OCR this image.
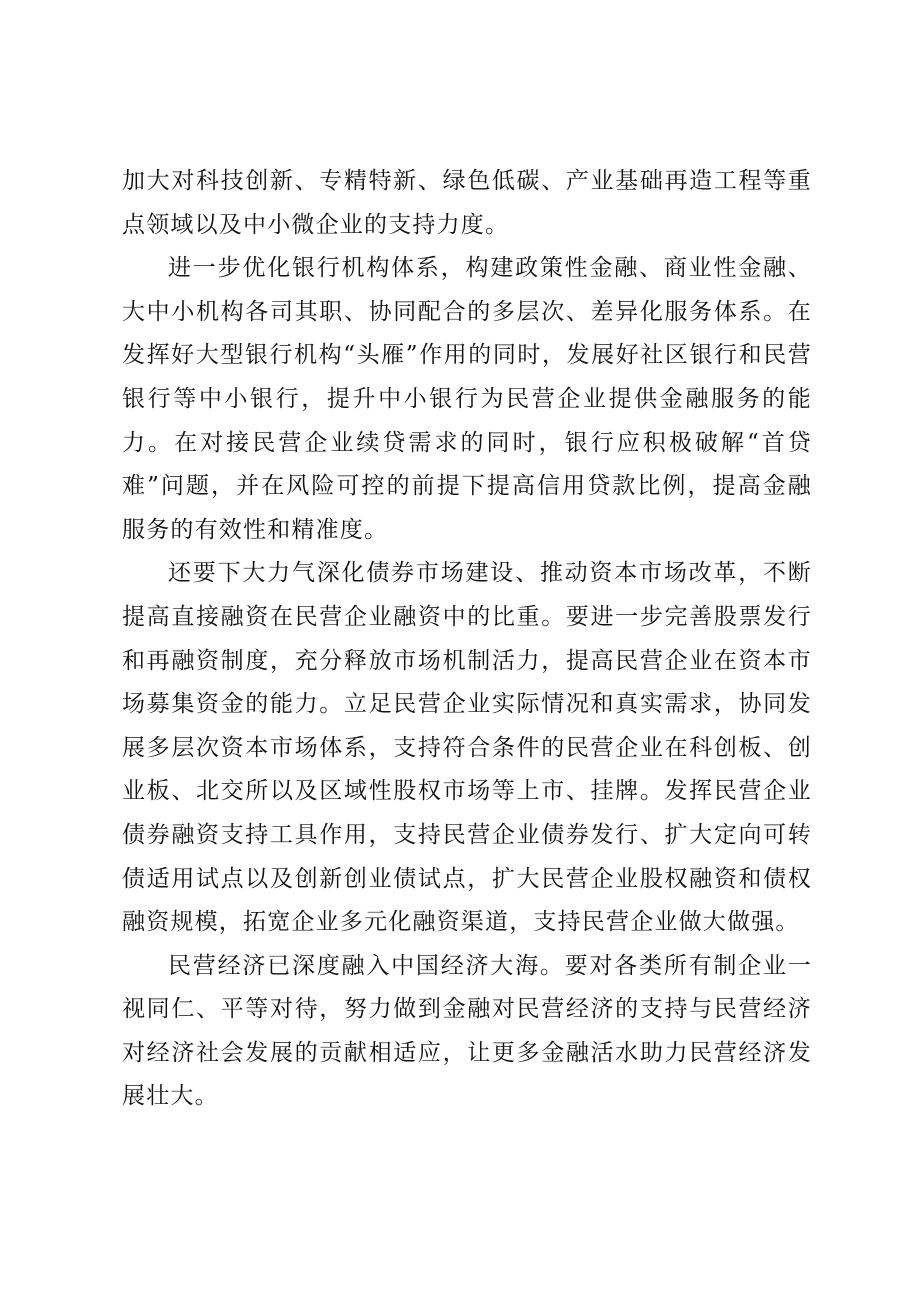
加大对科技创新、专精特新、绿色低碳、产业基础再造工程等重点领域以及中小微企业的支持力度。

进一步优化银行机构体系，构建政策性金融、商业性金融、大中小机构各司其职、协同配合的多层次、差异化服务体系。在发挥好大型银行机构“头雁”作用的同时，发展好社区银行和民营银行等中小银行，提升中小银行为民营企业提供金融服务的能力。在对接民营企业续贷需求的同时，银行应积极破解“首贷难”问题，并在风险可控的前提下提高信用贷款比例，提高金融服务的有效性和精准度。

还要下大力气深化债券市场建设、推动资本市场改革，不断提高直接融资在民营企业融资中的比重。要进一步完善股票发行和再融资制度，充分释放市场机制活力，提高民营企业在资本市场募集资金的能力。立足民营企业实际情况和真实需求，协同发展多层次资本市场体系，支持符合条件的民营企业在科创板、创业板、北交所以及区域性股权市场等上市、挂牌。发挥民营企业债券融资支持工具作用，支持民营企业债券发行、扩大定向可转债适用试点以及创新创业债试点，扩大民营企业股权融资和债权融资规模，拓宽企业多元化融资渠道，支持民营企业做大做强。

民营经济已深度融入中国经济大海。要对各类所有制企业一视同仁、平等对待，努力做到金融对民营经济的支持与民营经济对经济社会发展的贡献相适应，让更多金融活水助力民营经济发展壮大。
